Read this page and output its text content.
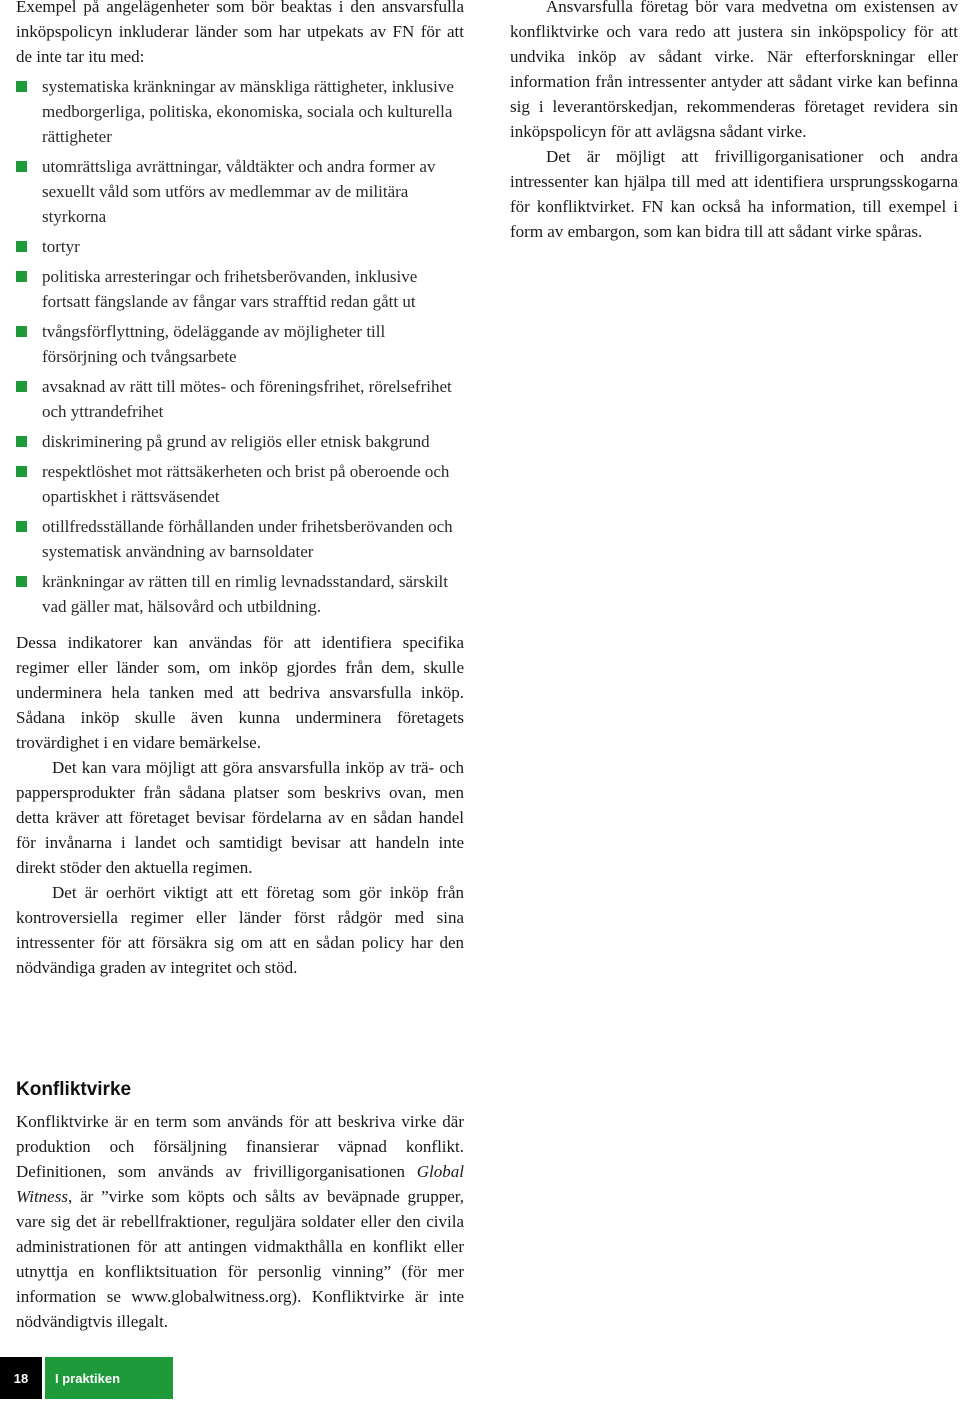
Exempel på angelägenheter som bör beaktas i den ansvarsfulla inköpspolicyn inkluderar länder som har utpekats av FN för att de inte tar itu med:

systematiska kränkningar av mänskliga rättigheter, inklusive medborgerliga, politiska, ekonomiska, sociala och kulturella rättigheter
utomrättsliga avrättningar, våldtäkter och andra former av sexuellt våld som utförs av medlemmar av de militära styrkorna
tortyr
politiska arresteringar och frihetsberövanden, inklusive fortsatt fängslande av fångar vars strafftid redan gått ut
tvångsförflyttning, ödeläggande av möjligheter till försörjning och tvångsarbete
avsaknad av rätt till mötes- och föreningsfrihet, rörelsefrihet och yttrandefrihet
diskriminering på grund av religiös eller etnisk bakgrund
respektlöshet mot rättsäkerheten och brist på oberoende och opartiskhet i rättsväsendet
otillfredsställande förhållanden under frihetsberövanden och systematisk användning av barnsoldater
kränkningar av rätten till en rimlig levnadsstandard, särskilt vad gäller mat, hälsovård och utbildning.

Dessa indikatorer kan användas för att identifiera specifika regimer eller länder som, om inköp gjordes från dem, skulle underminera hela tanken med att bedriva ansvarsfulla inköp. Sådana inköp skulle även kunna underminera företagets trovärdighet i en vidare bemärkelse.

Det kan vara möjligt att göra ansvarsfulla inköp av trä- och pappersprodukter från sådana platser som beskrivs ovan, men detta kräver att företaget bevisar fördelarna av en sådan handel för invånarna i landet och samtidigt bevisar att handeln inte direkt stöder den aktuella regimen.

Det är oerhört viktigt att ett företag som gör inköp från kontroversiella regimer eller länder först rådgör med sina intressenter för att försäkra sig om att en sådan policy har den nödvändiga graden av integritet och stöd.

Ansvarsfulla företag bör vara medvetna om existensen av konfliktvirke och vara redo att justera sin inköpspolicy för att undvika inköp av sådant virke. När efterforskningar eller information från intressenter antyder att sådant virke kan befinna sig i leverantörskedjan, rekommenderas företaget revidera sin inköpspolicyn för att avlägsna sådant virke.

Det är möjligt att frivilligorganisationer och andra intressenter kan hjälpa till med att identifiera ursprungsskogarna för konfliktvirket. FN kan också ha information, till exempel i form av embargon, som kan bidra till att sådant virke spåras.

Konfliktvirke
Konfliktvirke är en term som används för att beskriva virke där produktion och försäljning finansierar väpnad konflikt. Definitionen, som används av frivilligorganisationen Global Witness, är ”virke som köpts och sålts av beväpnade grupper, vare sig det är rebellfraktioner, reguljära soldater eller den civila administrationen för att antingen vidmakthålla en konflikt eller utnyttja en konfliktsituation för personlig vinning” (för mer information se www.globalwitness.org). Konfliktvirke är inte nödvändigtvis illegalt.
18	I praktiken
